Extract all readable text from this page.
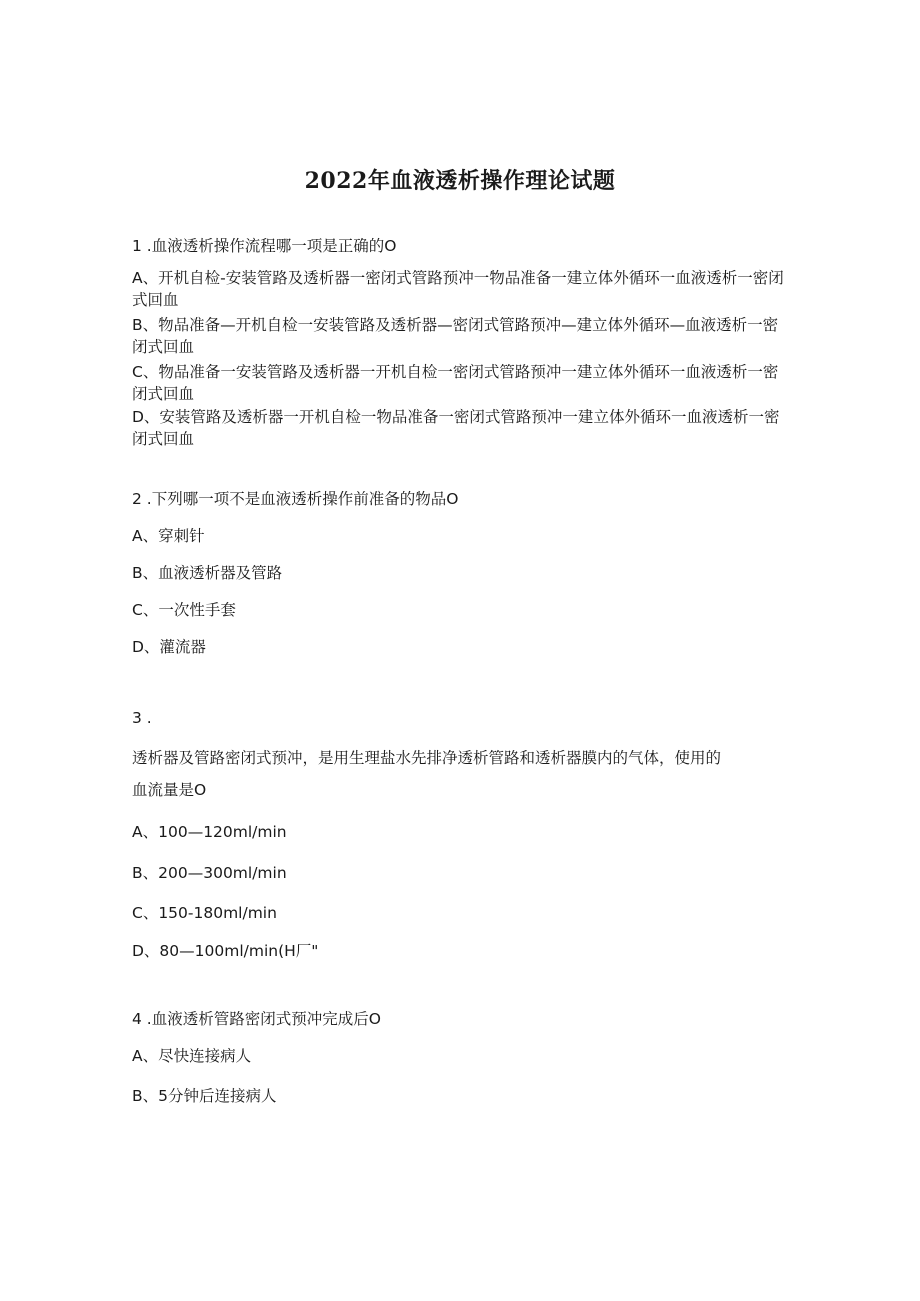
2022年血液透析操作理论试题
1 .血液透析操作流程哪一项是正确的O
A、开机自检-安装管路及透析器一密闭式管路预冲一物品准备一建立体外循环一血液透析一密闭式回血
B、物品准备—开机自检一安装管路及透析器—密闭式管路预冲—建立体外循环—血液透析一密闭式回血
C、物品准备一安装管路及透析器一开机自检一密闭式管路预冲一建立体外循环一血液透析一密闭式回血
D、安装管路及透析器一开机自检一物品准备一密闭式管路预冲一建立体外循环一血液透析一密闭式回血
2 .下列哪一项不是血液透析操作前准备的物品O
A、穿刺针
B、血液透析器及管路
C、一次性手套
D、灌流器
3 .
透析器及管路密闭式预冲，是用生理盐水先排净透析管路和透析器膜内的气体，使用的
血流量是O
A、100—120ml/min
B、200—300ml/min
C、150-180ml/min
D、80—100ml/min(H厂"
4 .血液透析管路密闭式预冲完成后O
A、尽快连接病人
B、5分钟后连接病人
